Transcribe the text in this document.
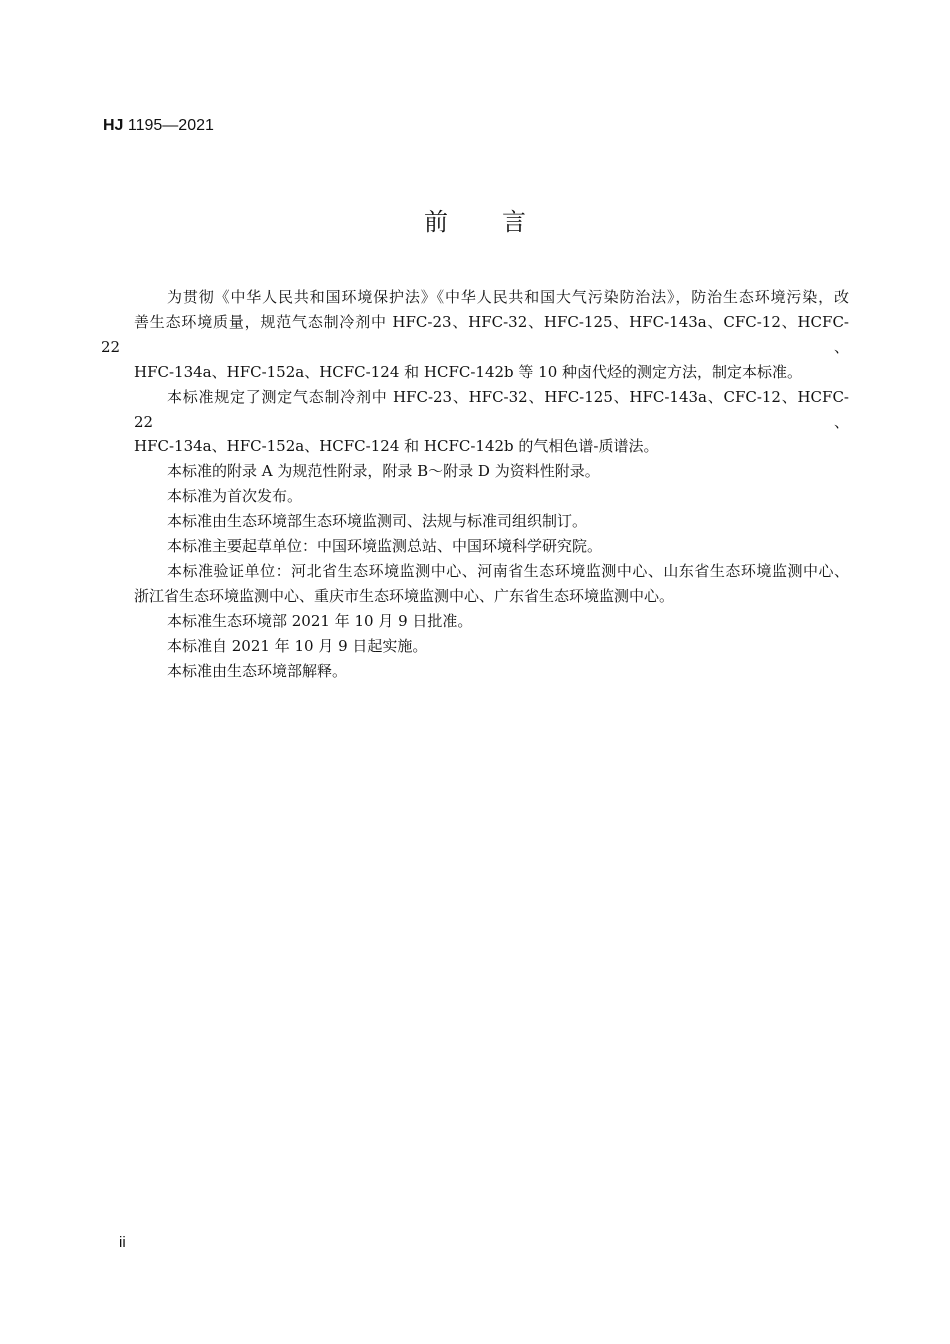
HJ 1195—2021
前言
为贯彻《中华人民共和国环境保护法》《中华人民共和国大气污染防治法》，防治生态环境污染，改
善生态环境质量，规范气态制冷剂中 HFC-23、HFC-32、HFC-125、HFC-143a、CFC-12、HCFC-22、
HFC-134a、HFC-152a、HCFC-124 和 HCFC-142b 等 10 种卤代烃的测定方法，制定本标准。
本标准规定了测定气态制冷剂中 HFC-23、HFC-32、HFC-125、HFC-143a、CFC-12、HCFC-22、
HFC-134a、HFC-152a、HCFC-124 和 HCFC-142b 的气相色谱-质谱法。
本标准的附录 A 为规范性附录，附录 B～附录 D 为资料性附录。
本标准为首次发布。
本标准由生态环境部生态环境监测司、法规与标准司组织制订。
本标准主要起草单位：中国环境监测总站、中国环境科学研究院。
本标准验证单位：河北省生态环境监测中心、河南省生态环境监测中心、山东省生态环境监测中心、
浙江省生态环境监测中心、重庆市生态环境监测中心、广东省生态环境监测中心。
本标准生态环境部 2021 年 10 月 9 日批准。
本标准自 2021 年 10 月 9 日起实施。
本标准由生态环境部解释。
ii
